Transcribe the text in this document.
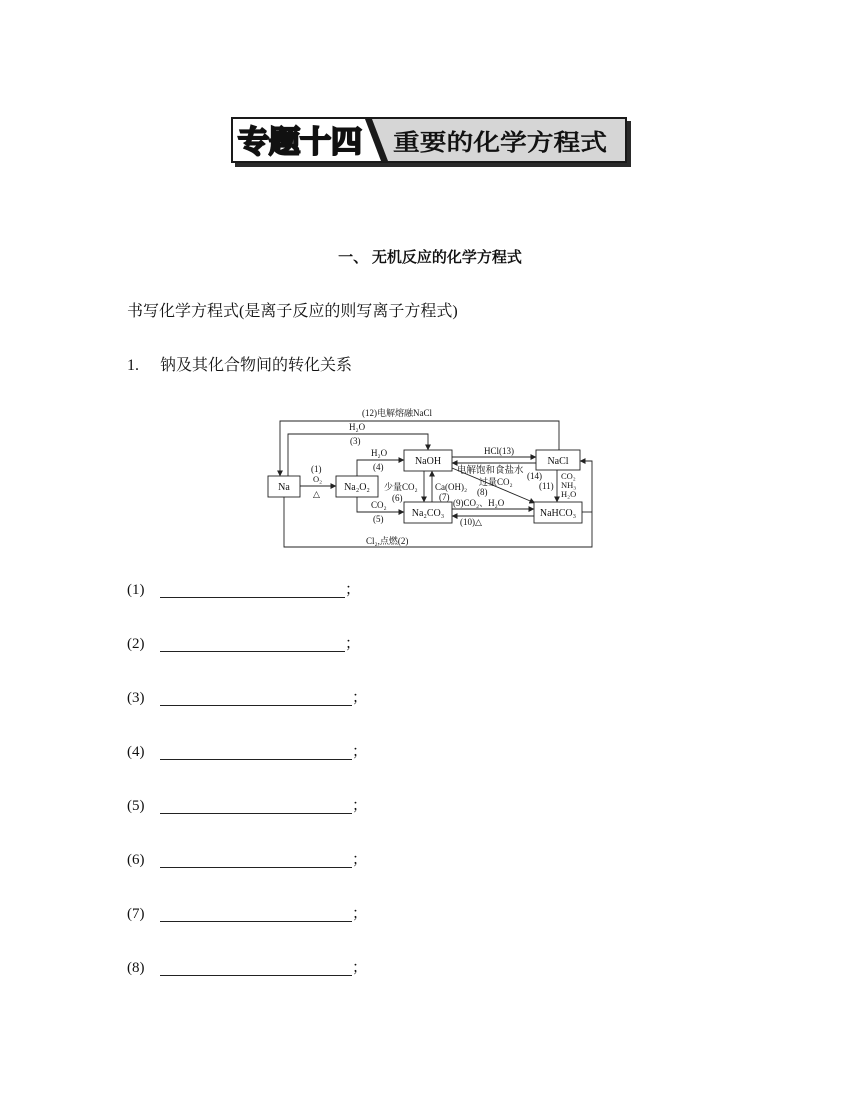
专题十四 重要的化学方程式
一、 无机反应的化学方程式
书写化学方程式(是离子反应的则写离子方程式)
1. 钠及其化合物间的转化关系
Na	Na₂O₂
NaOH	NaCl
Na₂CO₃	NaHCO₃
(12)电解熔融NaCl
H₂O
(3)
(1)
O₂
△
H₂O
(4)
CO₂
(5)
少量CO₂
(6)
Ca(OH)₂
(7)	(8)
HCl(13)
电解饱和食盐水
过量CO₂
(14)
(11)
CO₂
NH₃
H₂O
(9)CO₂、H₂O
(10)△
Cl₂,点燃(2)
(1)	；
(2)	；
(3)	；
(4)	；
(5)	；
(6)	；
(7)	；
(8)	；
